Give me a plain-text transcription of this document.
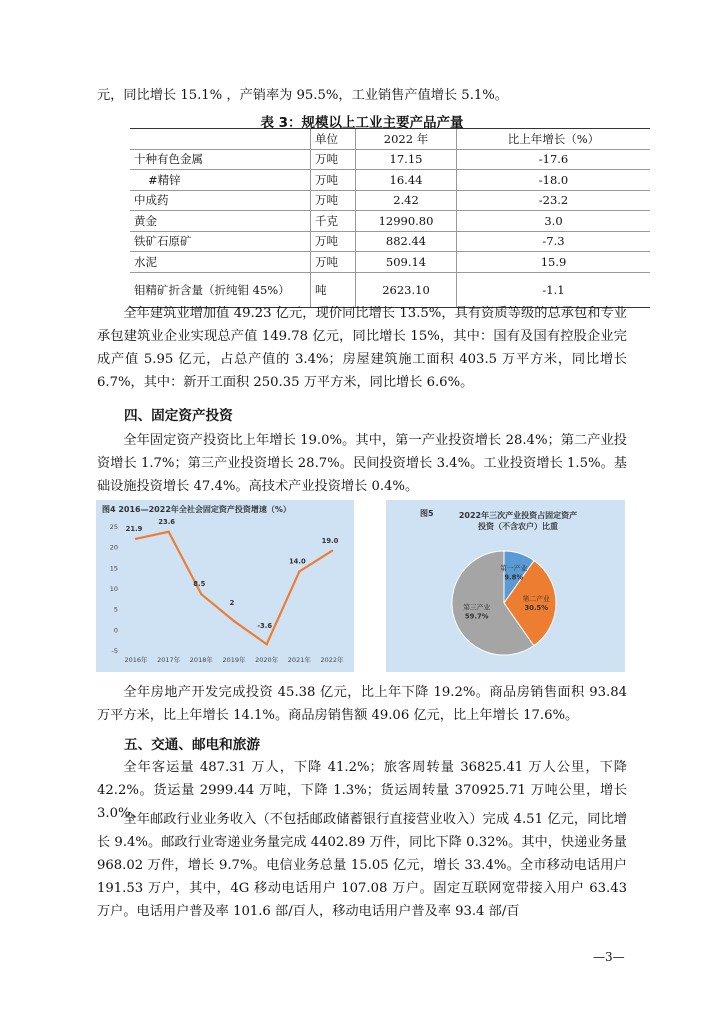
元，同比增长 15.1% ，产销率为 95.5%，工业销售产值增长 5.1%。

表 3：规模以上工业主要产品产量
	单位	2022 年	比上年增长（%）
十种有色金属	万吨	17.15	-17.6
#精锌	万吨	16.44	-18.0
中成药	万吨	2.42	-23.2
黄金	千克	12990.80	3.0
铁矿石原矿	万吨	882.44	-7.3
水泥	万吨	509.14	15.9
钼精矿折含量（折纯钼 45%）	吨	2623.10	-1.1

全年建筑业增加值 49.23 亿元，现价同比增长 13.5%，具有资质等级的总承包和专业承包建筑业企业实现总产值 149.78 亿元，同比增长 15%，其中：国有及国有控股企业完成产值 5.95 亿元，占总产值的 3.4%；房屋建筑施工面积 403.5 万平方米，同比增长 6.7%，其中：新开工面积 250.35 万平方米，同比增长 6.6%。

四、固定资产投资

全年固定资产投资比上年增长 19.0%。其中，第一产业投资增长 28.4%；第二产业投资增长 1.7%；第三产业投资增长 28.7%。民间投资增长 3.4%。工业投资增长 1.5%。基础设施投资增长 47.4%。高技术产业投资增长 0.4%。

图4 2016—2022年全社会固定资产投资增速（%）
-5
0
5
10
15
20
25
2016年 2017年 2018年 2019年 2020年 2021年 2022年
21.9
23.6
8.5
2
-3.6
14.0
19.0
图5	2022年三次产业投资占固定资产
投资（不含农户）比重
第一产业
9.8%
第二产业
30.5%
第三产业
59.7%

全年房地产开发完成投资 45.38 亿元，比上年下降 19.2%。商品房销售面积 93.84 万平方米，比上年增长 14.1%。商品房销售额 49.06 亿元，比上年增长 17.6%。

五、交通、邮电和旅游

全年客运量 487.31 万人，下降 41.2%；旅客周转量 36825.41 万人公里，下降 42.2%。货运量 2999.44 万吨，下降 1.3%；货运周转量 370925.71 万吨公里，增长 3.0%。

全年邮政行业业务收入（不包括邮政储蓄银行直接营业收入）完成 4.51 亿元，同比增长 9.4%。邮政行业寄递业务量完成 4402.89 万件，同比下降 0.32%。其中，快递业务量 968.02 万件，增长 9.7%。电信业务总量 15.05 亿元，增长 33.4%。全市移动电话用户 191.53 万户，其中，4G 移动电话用户 107.08 万户。固定互联网宽带接入用户 63.43 万户。电话用户普及率 101.6 部/百人，移动电话用户普及率 93.4 部/百

—3—
